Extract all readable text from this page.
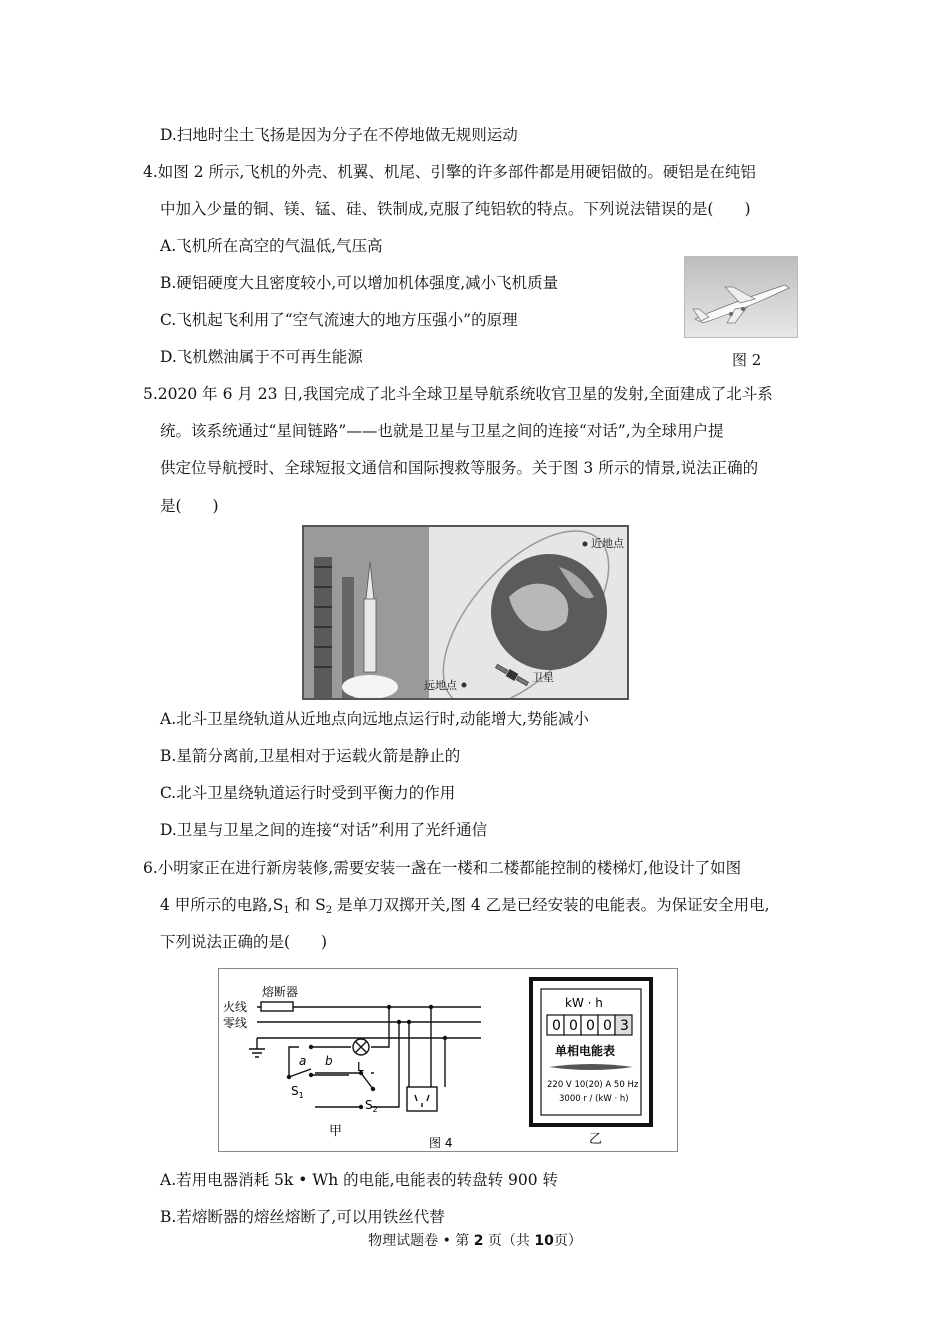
D.扫地时尘土飞扬是因为分子在不停地做无规则运动
4.如图 2 所示,飞机的外壳、机翼、机尾、引擎的许多部件都是用硬铝做的。硬铝是在纯铝
中加入少量的铜、镁、锰、硅、铁制成,克服了纯铝软的特点。下列说法错误的是(　　)
A.飞机所在高空的气温低,气压高
B.硬铝硬度大且密度较小,可以增加机体强度,减小飞机质量
C.飞机起飞利用了“空气流速大的地方压强小”的原理
D.飞机燃油属于不可再生能源	图 2
5.2020 年 6 月 23 日,我国完成了北斗全球卫星导航系统收官卫星的发射,全面建成了北斗系
统。该系统通过“星间链路”——也就是卫星与卫星之间的连接“对话”,为全球用户提
供定位导航授时、全球短报文通信和国际搜救等服务。关于图 3 所示的情景,说法正确的
是(　　)
近地点
远地点
卫星
A.北斗卫星绕轨道从近地点向远地点运行时,动能增大,势能减小
B.星箭分离前,卫星相对于运载火箭是静止的
C.北斗卫星绕轨道运行时受到平衡力的作用
D.卫星与卫星之间的连接“对话”利用了光纤通信
6.小明家正在进行新房装修,需要安装一盏在一楼和二楼都能控制的楼梯灯,他设计了如图
4 甲所示的电路$,S_1$ 和 $S_2$ 是单刀双掷开关,图 4 乙是已经安装的电能表。为保证安全用电,
下列说法正确的是(　　)
熔断器
火线
零线
a b L
$S_1$
$S_2$
甲
图 4
kW · h
0 0 0 0 3
单相电能表
220 V 10(20) A 50 Hz
3000 r / (kW · h)
乙
A.若用电器消耗 5k • Wh 的电能,电能表的转盘转 900 转
B.若熔断器的熔丝熔断了,可以用铁丝代替
物理试题卷 • 第 2 页（共 10页）
